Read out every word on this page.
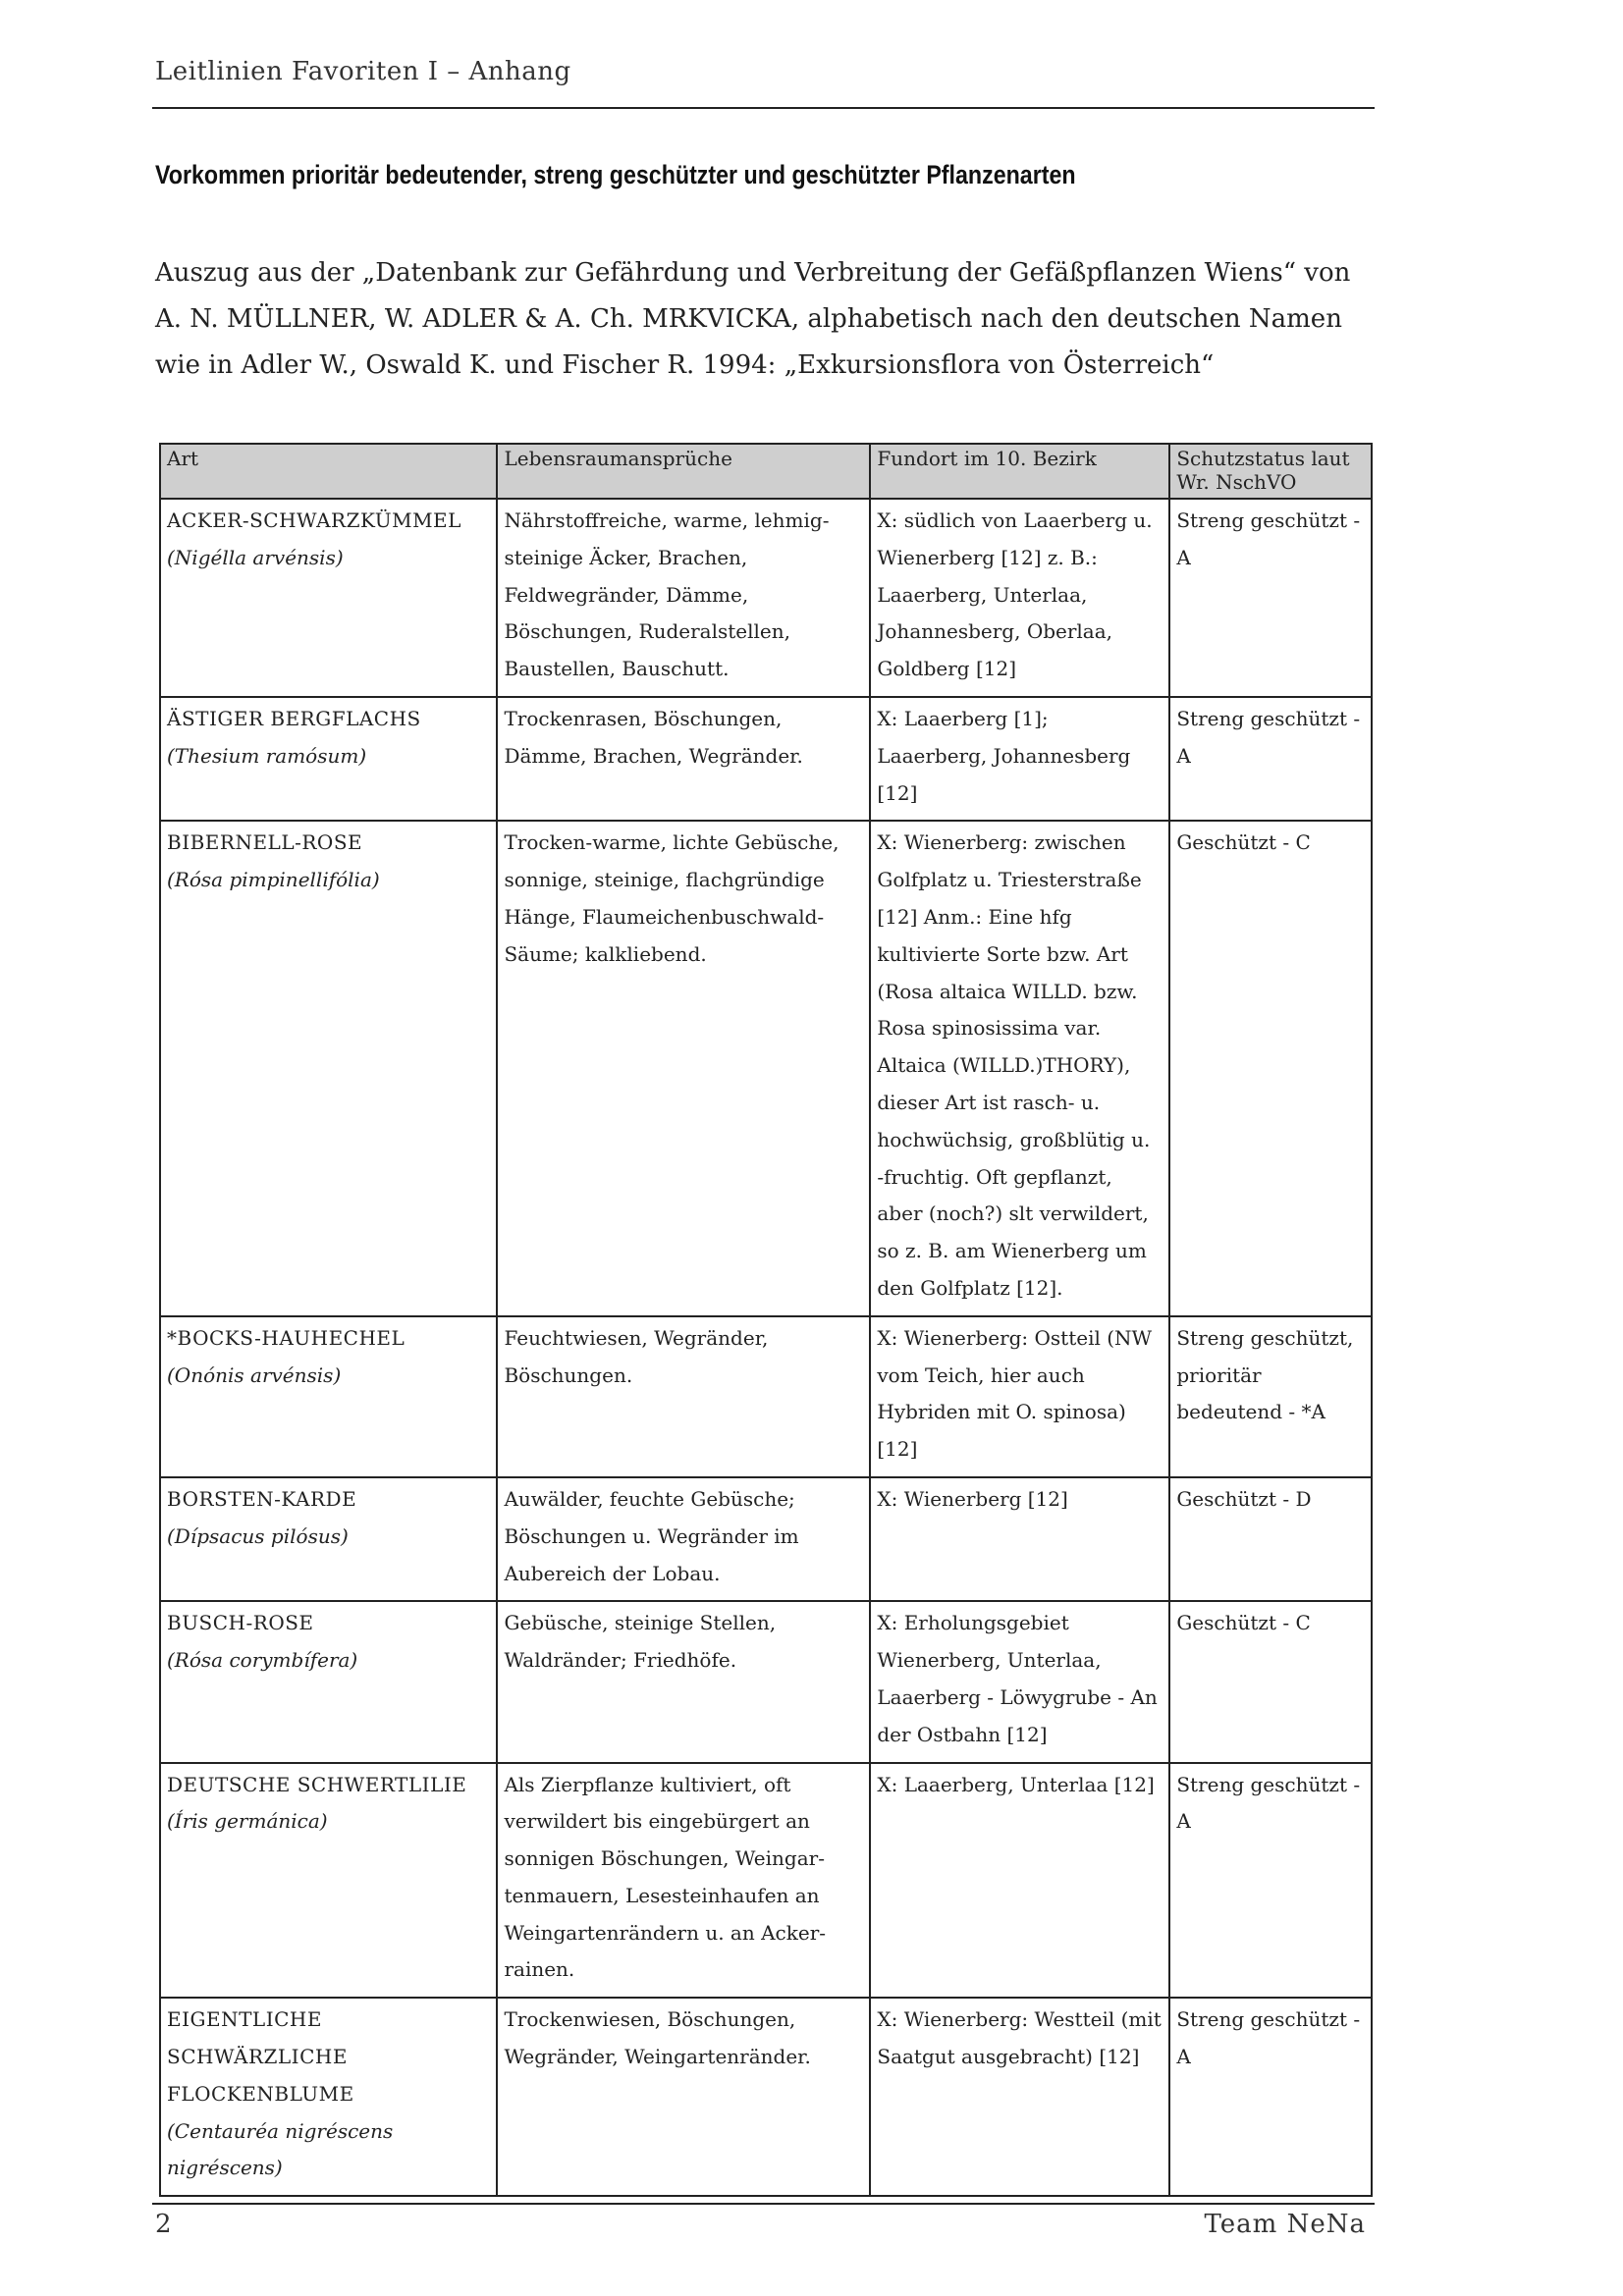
Leitlinien Favoriten I – Anhang
Vorkommen prioritär bedeutender, streng geschützter und geschützter Pflanzenarten

Auszug aus der „Datenbank zur Gefährdung und Verbreitung der Gefäßpflanzen Wiens“ von

A. N. MÜLLNER, W. ADLER & A. Ch. MRKVICKA, alphabetisch nach den deutschen Namen

wie in Adler W., Oswald K. und Fischer R. 1994: „Exkursionsflora von Österreich“

Art	Lebensraumansprüche	Fundort im 10. Bezirk	Schutzstatus laut
Wr. NschVO

ACKER-SCHWARZKÜMMEL
(Nigélla arvénsis)	Nährstoffreiche, warme, lehmig-steinige Äcker, Brachen, Feldwegränder, Dämme, Böschungen, Ruderalstellen, Baustellen, Bauschutt.	X: südlich von Laaerberg u. Wienerberg [12] z. B.: Laaerberg, Unterlaa, Johannesberg, Oberlaa, Goldberg [12]	Streng geschützt - A

ÄSTIGER BERGFLACHS
(Thesium ramósum)	Trockenrasen, Böschungen, Dämme, Brachen, Wegränder.	X: Laaerberg [1]; Laaerberg, Johannesberg [12]	Streng geschützt - A

BIBERNELL-ROSE
(Rósa pimpinellifólia)	Trocken-warme, lichte Gebüsche, sonnige, steinige, flachgründige Hänge, Flaumeichenbuschwald-Säume; kalkliebend.	X: Wienerberg: zwischen Golfplatz u. Triesterstraße [12] Anm.: Eine hfg kultivierte Sorte bzw. Art (Rosa altaica WILLD. bzw. Rosa spinosissima var. Altaica (WILLD.)THORY), dieser Art ist rasch- u. hochwüchsig, großblütig u. -fruchtig. Oft gepflanzt, aber (noch?) slt verwildert, so z. B. am Wienerberg um den Golfplatz [12].	Geschützt - C

*BOCKS-HAUHECHEL
(Onónis arvénsis)	Feuchtwiesen, Wegränder, Böschungen.	X: Wienerberg: Ostteil (NW vom Teich, hier auch Hybriden mit O. spinosa) [12]	Streng geschützt, prioritär bedeutend - *A

BORSTEN-KARDE
(Dípsacus pilósus)	Auwälder, feuchte Gebüsche; Böschungen u. Wegränder im Aubereich der Lobau.	X: Wienerberg [12]	Geschützt - D

BUSCH-ROSE
(Rósa corymbífera)	Gebüsche, steinige Stellen, Waldränder; Friedhöfe.	X: Erholungsgebiet Wienerberg, Unterlaa, Laaerberg - Löwygrube - An der Ostbahn [12]	Geschützt - C

DEUTSCHE SCHWERTLILIE
(Íris germánica)	Als Zierpflanze kultiviert, oft verwildert bis eingebürgert an sonnigen Böschungen, Weingar-tenmauern, Lesesteinhaufen an Weingartenrändern u. an Acker-rainen.	X: Laaerberg, Unterlaa [12]	Streng geschützt - A

EIGENTLICHE SCHWÄRZLICHE FLOCKENBLUME
(Centauréa nigréscens nigréscens)	Trockenwiesen, Böschungen, Wegränder, Weingartenränder.	X: Wienerberg: Westteil (mit Saatgut ausgebracht) [12]	Streng geschützt - A
2	Team NeNa
